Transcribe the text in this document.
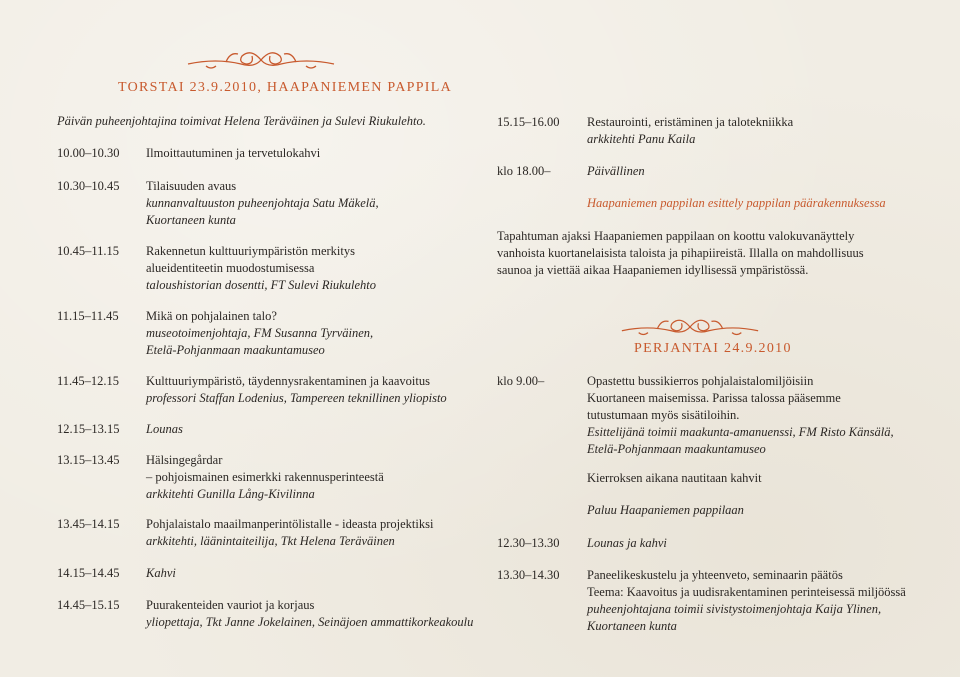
TORSTAI 23.9.2010, HAAPANIEMEN PAPPILA
Päivän puheenjohtajina toimivat Helena Teräväinen ja Sulevi Riukulehto.
10.00–10.30 Ilmoittautuminen ja tervetulokahvi
10.30–10.45 Tilaisuuden avaus
kunnanvaltuuston puheenjohtaja Satu Mäkelä,
Kuortaneen kunta
10.45–11.15 Rakennetun kulttuuriympäristön merkitys
alueidentiteetin muodostumisessa
taloushistorian dosentti, FT Sulevi Riukulehto
11.15–11.45 Mikä on pohjalainen talo?
museotoimenjohtaja, FM Susanna Tyrväinen,
Etelä-Pohjanmaan maakuntamuseo
11.45–12.15 Kulttuuriympäristö, täydennysrakentaminen ja kaavoitus
professori Staffan Lodenius, Tampereen teknillinen yliopisto
12.15–13.15 Lounas
13.15–13.45 Hälsingegårdar
– pohjoismainen esimerkki rakennusperinteestä
arkkitehti Gunilla Lång-Kivilinna
13.45–14.15 Pohjalaistalo maailmanperintölistalle - ideasta projektiksi
arkkitehti, läänintaiteilija, Tkt Helena Teräväinen
14.15–14.45 Kahvi
14.45–15.15 Puurakenteiden vauriot ja korjaus
yliopettaja, Tkt Janne Jokelainen, Seinäjoen ammattikorkeakoulu
15.15–16.00 Restaurointi, eristäminen ja talotekniikka
arkkitehti Panu Kaila
klo 18.00–	Päivällinen
Haapaniemen pappilan esittely pappilan päärakennuksessa
Tapahtuman ajaksi Haapaniemen pappilaan on koottu valokuvanäyttely
vanhoista kuortanelaisista taloista ja pihapiireistä. Illalla on mahdollisuus
saunoa ja viettää aikaa Haapaniemen idyllisessä ympäristössä.
PERJANTAI 24.9.2010
klo 9.00–	Opastettu bussikierros pohjalaistalomiljöisiin
Kuortaneen maisemissa. Parissa talossa pääsemme
tutustumaan myös sisätiloihin.
Esittelijänä toimii maakunta-amanuenssi, FM Risto Känsälä,
Etelä-Pohjanmaan maakuntamuseo
Kierroksen aikana nautitaan kahvit
Paluu Haapaniemen pappilaan
12.30–13.30 Lounas ja kahvi
13.30–14.30 Paneelikeskustelu ja yhteenveto, seminaarin päätös
Teema: Kaavoitus ja uudisrakentaminen perinteisessä miljöössä
puheenjohtajana toimii sivistystoimenjohtaja Kaija Ylinen,
Kuortaneen kunta
